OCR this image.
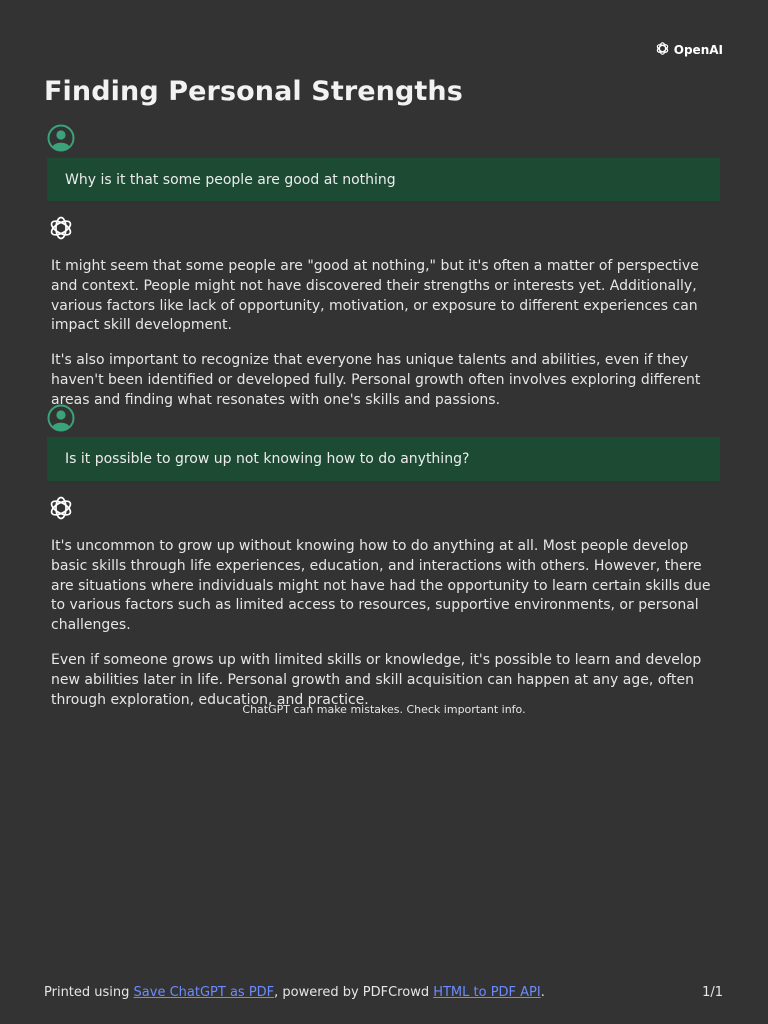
OpenAI
Finding Personal Strengths
Why is it that some people are good at nothing

It might seem that some people are "good at nothing," but it's often a matter of perspective and context. People might not have discovered their strengths or interests yet. Additionally, various factors like lack of opportunity, motivation, or exposure to different experiences can impact skill development.

It's also important to recognize that everyone has unique talents and abilities, even if they haven't been identified or developed fully. Personal growth often involves exploring different areas and finding what resonates with one's skills and passions.

Is it possible to grow up not knowing how to do anything?

It's uncommon to grow up without knowing how to do anything at all. Most people develop basic skills through life experiences, education, and interactions with others. However, there are situations where individuals might not have had the opportunity to learn certain skills due to various factors such as limited access to resources, supportive environments, or personal challenges.

Even if someone grows up with limited skills or knowledge, it's possible to learn and develop new abilities later in life. Personal growth and skill acquisition can happen at any age, often through exploration, education, and practice.

ChatGPT can make mistakes. Check important info.
Printed using Save ChatGPT as PDF, powered by PDFCrowd HTML to PDF API.	1/1
